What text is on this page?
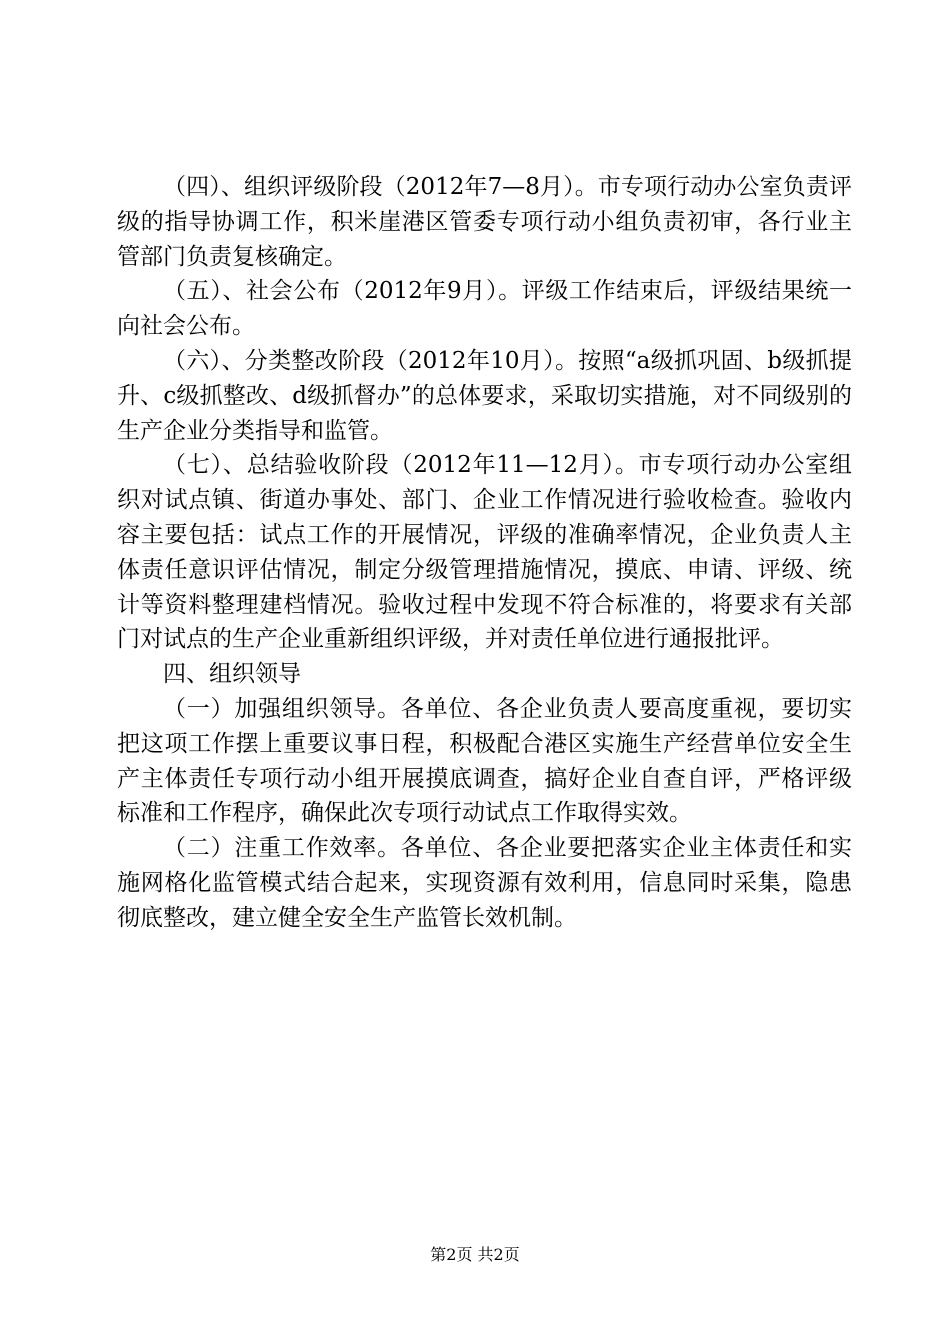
（四）、组织评级阶段（2012年7—8月）。市专项行动办公室负责评级的指导协调工作，积米崖港区管委专项行动小组负责初审，各行业主管部门负责复核确定。

（五）、社会公布（2012年9月）。评级工作结束后，评级结果统一向社会公布。

（六）、分类整改阶段（2012年10月）。按照“a级抓巩固、b级抓提升、c级抓整改、d级抓督办”的总体要求，采取切实措施，对不同级别的生产企业分类指导和监管。

（七）、总结验收阶段（2012年11—12月）。市专项行动办公室组织对试点镇、街道办事处、部门、企业工作情况进行验收检查。验收内容主要包括：试点工作的开展情况，评级的准确率情况，企业负责人主体责任意识评估情况，制定分级管理措施情况，摸底、申请、评级、统计等资料整理建档情况。验收过程中发现不符合标准的，将要求有关部门对试点的生产企业重新组织评级，并对责任单位进行通报批评。

四、组织领导

（一）加强组织领导。各单位、各企业负责人要高度重视，要切实把这项工作摆上重要议事日程，积极配合港区实施生产经营单位安全生产主体责任专项行动小组开展摸底调查，搞好企业自查自评，严格评级标准和工作程序，确保此次专项行动试点工作取得实效。

（二）注重工作效率。各单位、各企业要把落实企业主体责任和实施网格化监管模式结合起来，实现资源有效利用，信息同时采集，隐患彻底整改，建立健全安全生产监管长效机制。

第2页 共2页
